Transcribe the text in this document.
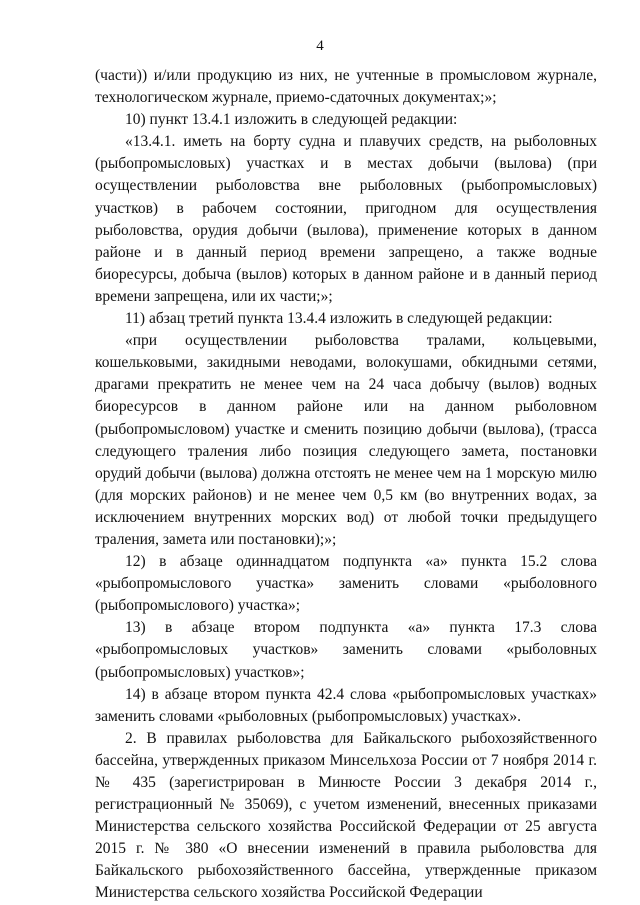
4

(части)) и/или продукцию из них, не учтенные в промысловом журнале, технологическом журнале, приемо-сдаточных документах;»;

10) пункт 13.4.1 изложить в следующей редакции:

«13.4.1. иметь на борту судна и плавучих средств, на рыболовных (рыбопромысловых) участках и в местах добычи (вылова) (при осуществлении рыболовства вне рыболовных (рыбопромысловых) участков) в рабочем состоянии, пригодном для осуществления рыболовства, орудия добычи (вылова), применение которых в данном районе и в данный период времени запрещено, а также водные биоресурсы, добыча (вылов) которых в данном районе и в данный период времени запрещена, или их части;»;

11) абзац третий пункта 13.4.4 изложить в следующей редакции:

«при осуществлении рыболовства тралами, кольцевыми, кошельковыми, закидными неводами, волокушами, обкидными сетями, драгами прекратить не менее чем на 24 часа добычу (вылов) водных биоресурсов в данном районе или на данном рыболовном (рыбопромысловом) участке и сменить позицию добычи (вылова), (трасса следующего траления либо позиция следующего замета, постановки орудий добычи (вылова) должна отстоять не менее чем на 1 морскую милю (для морских районов) и не менее чем 0,5 км (во внутренних водах, за исключением внутренних морских вод) от любой точки предыдущего траления, замета или постановки);»;

12) в абзаце одиннадцатом подпункта «а» пункта 15.2 слова «рыбопромыслового участка» заменить словами «рыболовного (рыбопромыслового) участка»;

13) в абзаце втором подпункта «а» пункта 17.3 слова «рыбопромысловых участков» заменить словами «рыболовных (рыбопромысловых) участков»;

14) в абзаце втором пункта 42.4 слова «рыбопромысловых участках» заменить словами «рыболовных (рыбопромысловых) участках».

2. В правилах рыболовства для Байкальского рыбохозяйственного бассейна, утвержденных приказом Минсельхоза России от 7 ноября 2014 г. № 435 (зарегистрирован в Минюсте России 3 декабря 2014 г., регистрационный № 35069), с учетом изменений, внесенных приказами Министерства сельского хозяйства Российской Федерации от 25 августа 2015 г. № 380 «О внесении изменений в правила рыболовства для Байкальского рыбохозяйственного бассейна, утвержденные приказом Министерства сельского хозяйства Российской Федерации
